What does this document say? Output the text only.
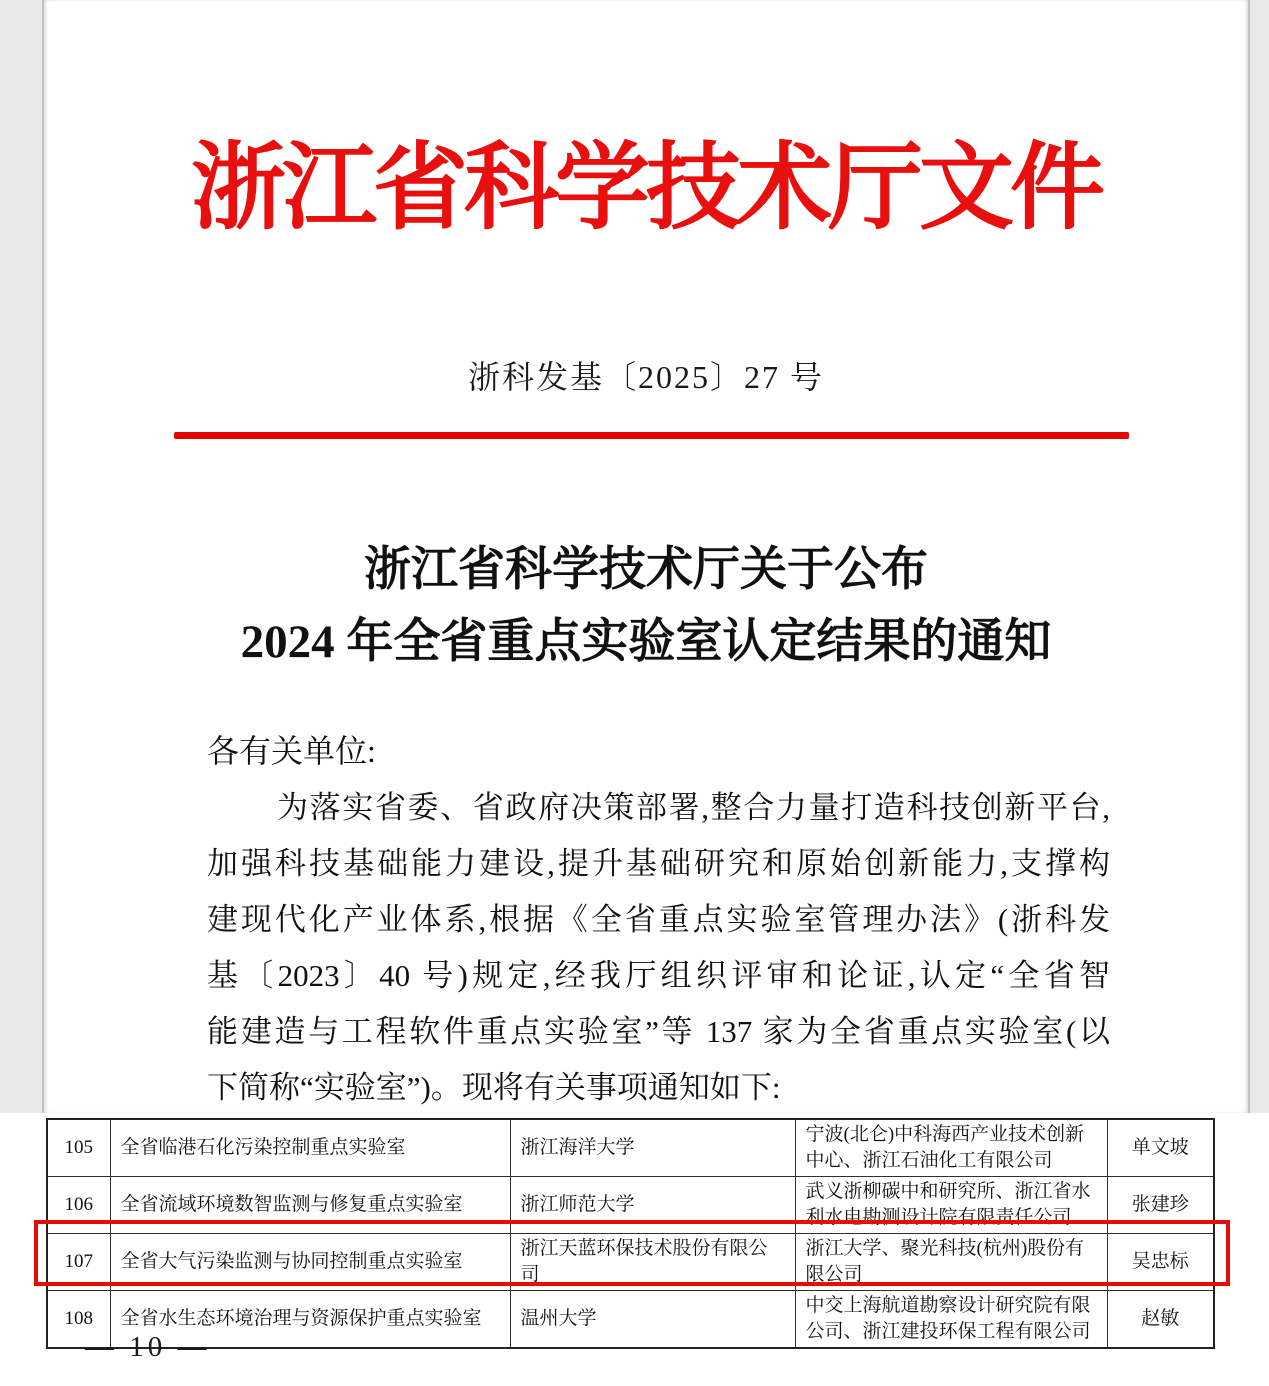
浙江省科学技术厅文件
浙科发基〔2025〕27 号
浙江省科学技术厅关于公布
2024 年全省重点实验室认定结果的通知
各有关单位:
为落实省委、省政府决策部署,整合力量打造科技创新平台,
加强科技基础能力建设,提升基础研究和原始创新能力,支撑构
建现代化产业体系,根据《全省重点实验室管理办法》(浙科发
基〔2023〕40 号)规定,经我厅组织评审和论证,认定“全省智
能建造与工程软件重点实验室”等 137 家为全省重点实验室(以
下简称“实验室”)。现将有关事项通知如下:
105	全省临港石化污染控制重点实验室	浙江海洋大学	宁波(北仑)中科海西产业技术创新中心、浙江石油化工有限公司	单文坡
106	全省流域环境数智监测与修复重点实验室	浙江师范大学	武义浙柳碳中和研究所、浙江省水利水电勘测设计院有限责任公司	张建珍
107	全省大气污染监测与协同控制重点实验室	浙江天蓝环保技术股份有限公司	浙江大学、聚光科技(杭州)股份有限公司	吴忠标
108	全省水生态环境治理与资源保护重点实验室	温州大学	中交上海航道勘察设计研究院有限公司、浙江建投环保工程有限公司	赵敏
— 10 —
